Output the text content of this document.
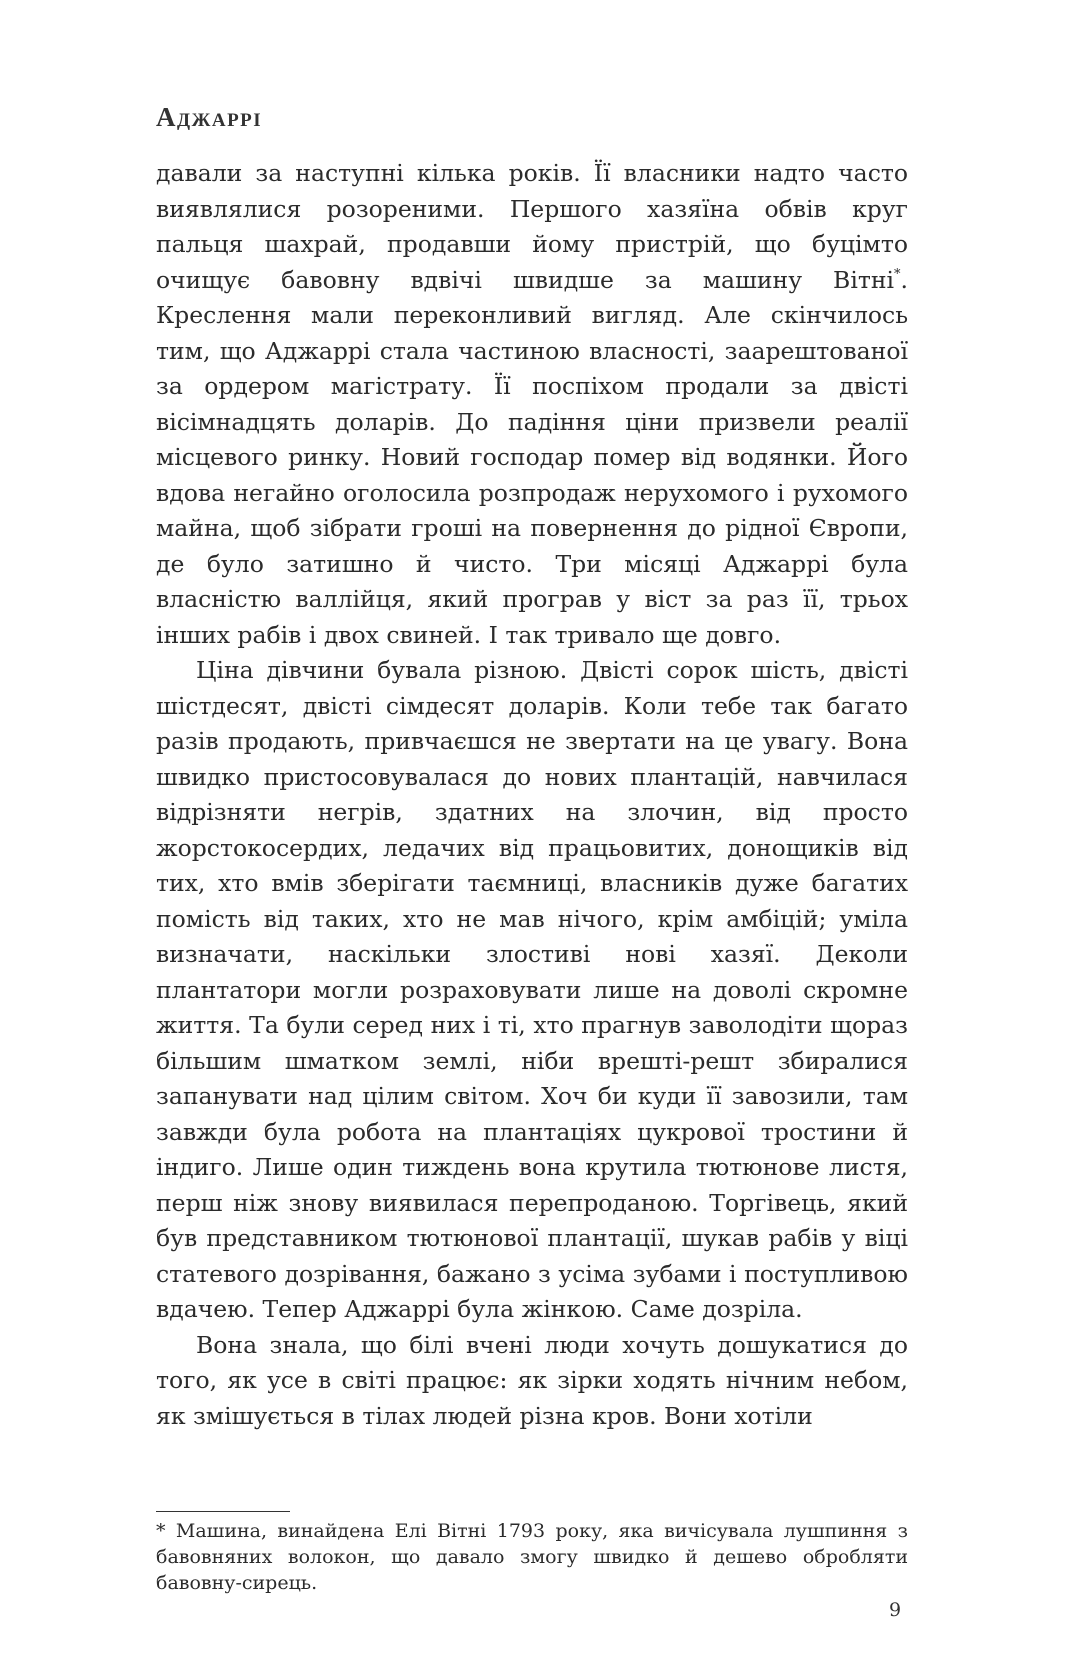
Аджаррі

давали за наступні кілька років. Її власники надто часто виявлялися розореними. Першого хазяїна обвів круг пальця шахрай, продавши йому пристрій, що буцімто очищує бавовну вдвічі швидше за машину Вітні*. Креслення мали переконливий вигляд. Але скінчилось тим, що Аджаррі стала частиною власності, заарештованої за ордером магістрату. Її поспіхом продали за двісті вісімнадцять доларів. До падіння ціни призвели реалії місцевого ринку. Новий господар помер від водянки. Його вдова негайно оголосила розпродаж нерухомого і рухомого майна, щоб зібрати гроші на повернення до рідної Європи, де було затишно й чисто. Три місяці Аджаррі була власністю валлійця, який програв у віст за раз її, трьох інших рабів і двох свиней. І так тривало ще довго.

Ціна дівчини бувала різною. Двісті сорок шість, двісті шістдесят, двісті сімдесят доларів. Коли тебе так багато разів продають, привчаєшся не звертати на це увагу. Вона швидко пристосовувалася до нових плантацій, навчилася відрізняти негрів, здатних на злочин, від просто жорстокосердих, ледачих від працьовитих, донощиків від тих, хто вмів зберігати таємниці, власників дуже багатих помість від таких, хто не мав нічого, крім амбіцій; уміла визначати, наскільки злостиві нові хазяї. Деколи плантатори могли розраховувати лише на доволі скромне життя. Та були серед них і ті, хто прагнув заволодіти щораз більшим шматком землі, ніби врешті-решт збиралися запанувати над цілим світом. Хоч би куди її завозили, там завжди була робота на плантаціях цукрової тростини й індиго. Лише один тиждень вона крутила тютюнове листя, перш ніж знову виявилася перепроданою. Торгівець, який був представником тютюнової плантації, шукав рабів у віці статевого дозрівання, бажано з усіма зубами і поступливою вдачею. Тепер Аджаррі була жінкою. Саме дозріла.

Вона знала, що білі вчені люди хочуть дошукатися до того, як усе в світі працює: як зірки ходять нічним небом, як змішується в тілах людей різна кров. Вони хотіли

* Машина, винайдена Елі Вітні 1793 року, яка вичісувала лушпиння з бавовняних волокон, що давало змогу швидко й дешево обробляти бавовну-сирець.

9
